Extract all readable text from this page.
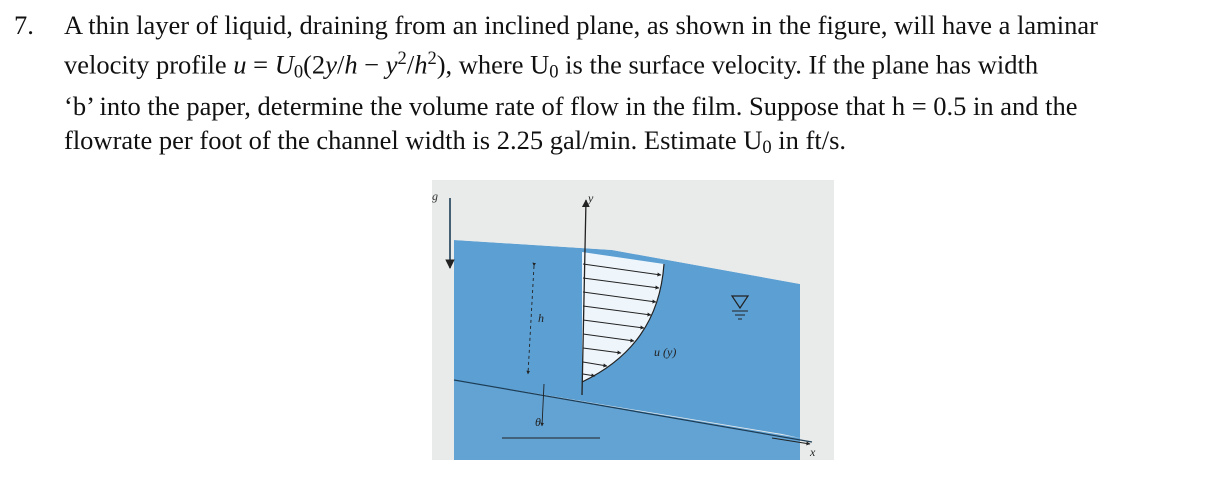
7. A thin layer of liquid, draining from an inclined plane, as shown in the figure, will have a laminar
velocity profile $u = U_0(2y/h - y^2/h^2)$, where $U_0$ is the surface velocity. If the plane has width
‘b’ into the paper, determine the volume rate of flow in the film. Suppose that h = 0.5 in and the
flowrate per foot of the channel width is 2.25 gal/min. Estimate $U_0$ in ft/s.
g
h
y
u (y)
θ
x
